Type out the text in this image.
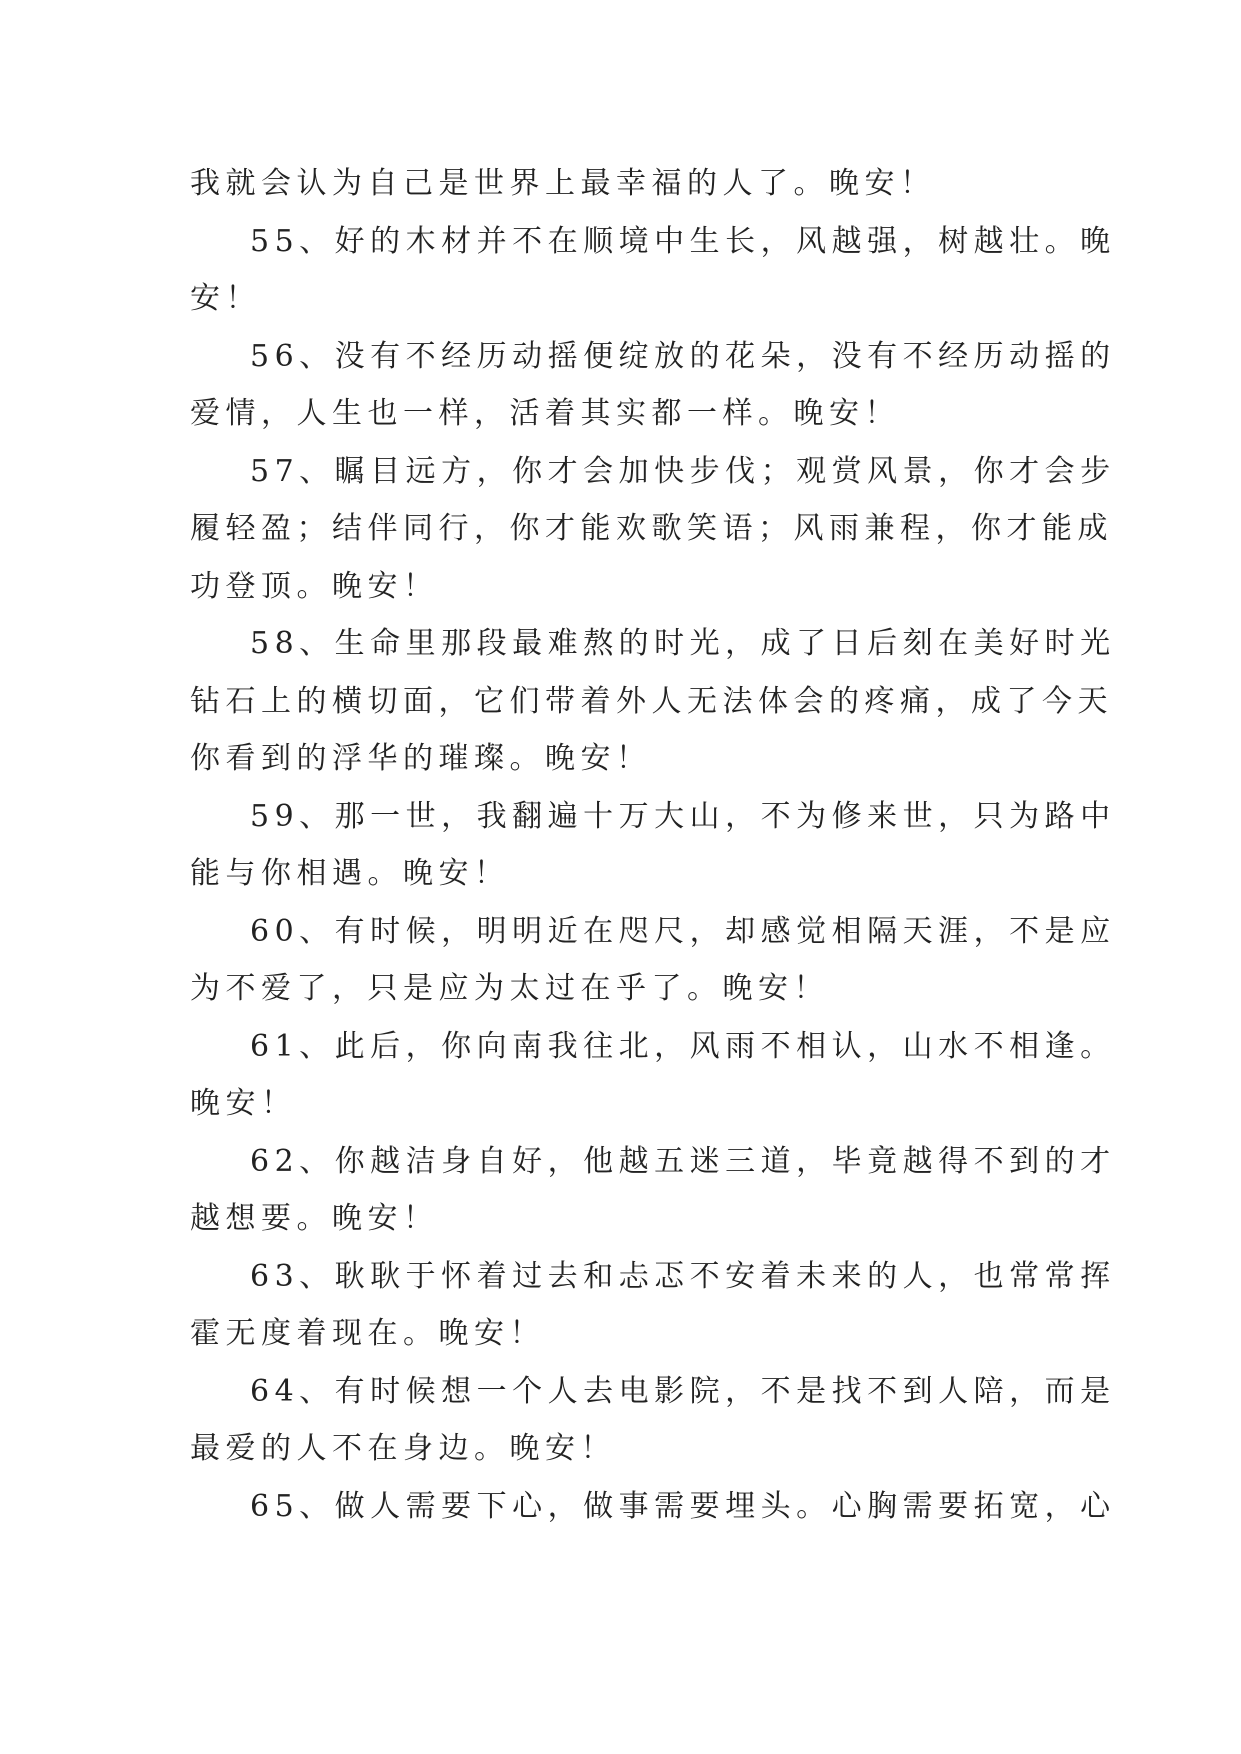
我就会认为自己是世界上最幸福的人了。晚安！
55、好的木材并不在顺境中生长，风越强，树越壮。晚
安！
56、没有不经历动摇便绽放的花朵，没有不经历动摇的
爱情，人生也一样，活着其实都一样。晚安！
57、瞩目远方，你才会加快步伐；观赏风景，你才会步
履轻盈；结伴同行，你才能欢歌笑语；风雨兼程，你才能成
功登顶。晚安！
58、生命里那段最难熬的时光，成了日后刻在美好时光
钻石上的横切面，它们带着外人无法体会的疼痛，成了今天
你看到的浮华的璀璨。晚安！
59、那一世，我翻遍十万大山，不为修来世，只为路中
能与你相遇。晚安！
60、有时候，明明近在咫尺，却感觉相隔天涯，不是应
为不爱了，只是应为太过在乎了。晚安！
61、此后，你向南我往北，风雨不相认，山水不相逢。
晚安！
62、你越洁身自好，他越五迷三道，毕竟越得不到的才
越想要。晚安！
63、耿耿于怀着过去和忐忑不安着未来的人，也常常挥
霍无度着现在。晚安！
64、有时候想一个人去电影院，不是找不到人陪，而是
最爱的人不在身边。晚安！
65、做人需要下心，做事需要埋头。心胸需要拓宽，心
